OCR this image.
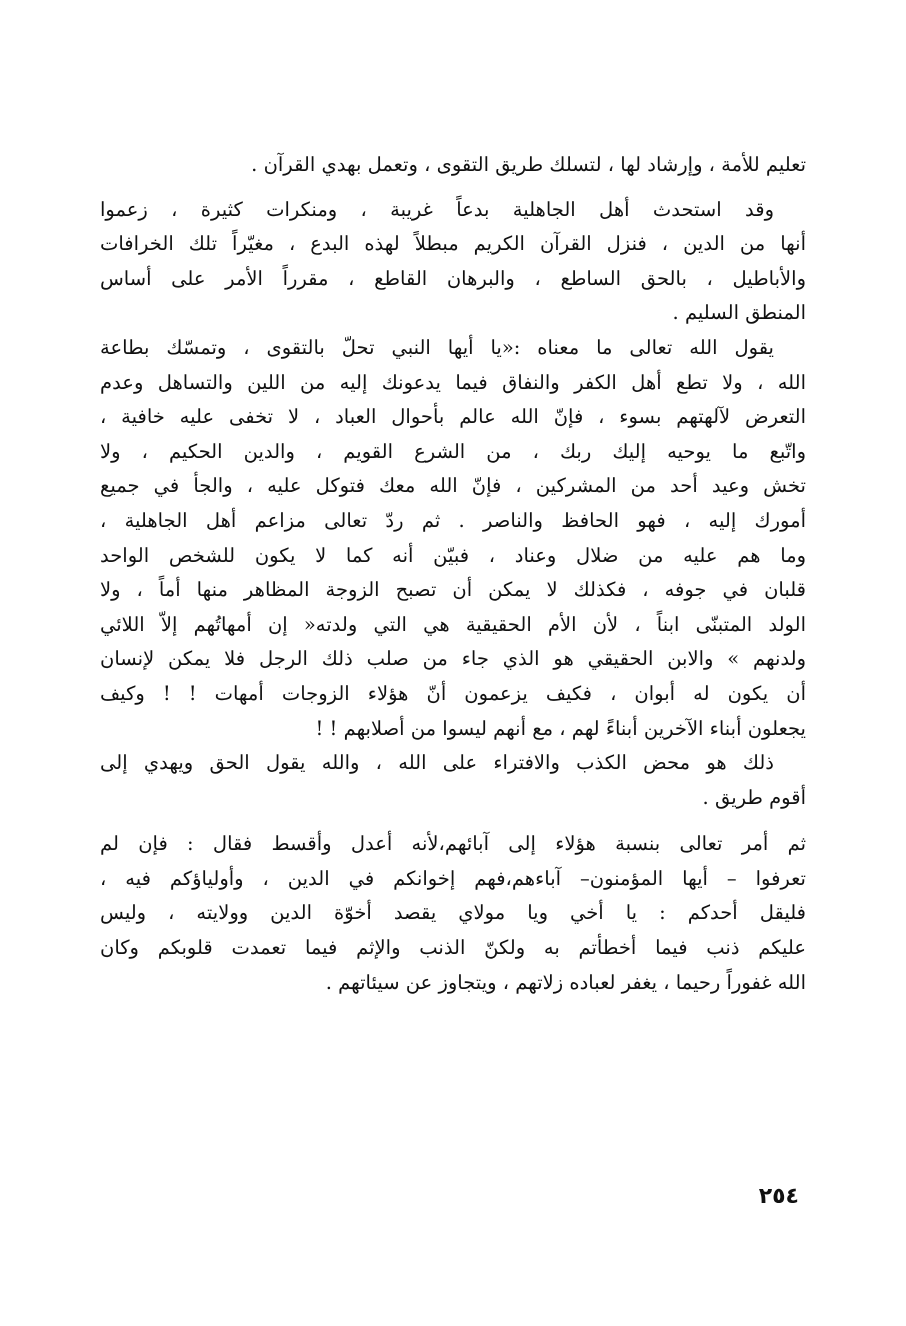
تعليم للأمة ، وإرشاد لها ، لتسلك طريق التقوى ، وتعمل بهدي القرآن .

وقد استحدث أهل الجاهلية بدعاً غريبة ، ومنكرات كثيرة ، زعموا
أنها من الدين ، فنزل القرآن الكريم مبطلاً لهذه البدع ، مغيّراً تلك الخرافات
والأباطيل ، بالحق الساطع ، والبرهان القاطع ، مقرراً الأمر على أساس
المنطق السليم .

يقول الله تعالى ما معناه :«يا أيها النبي تحلّ بالتقوى ، وتمسّك بطاعة
الله ، ولا تطع أهل الكفر والنفاق فيما يدعونك إليه من اللين والتساهل وعدم
التعرض لآلهتهم بسوء ، فإنّ الله عالم بأحوال العباد ، لا تخفى عليه خافية ،
واتّبع ما يوحيه إليك ربك ، من الشرع القويم ، والدين الحكيم ، ولا
تخش وعيد أحد من المشركين ، فإنّ الله معك فتوكل عليه ، والجأ في جميع
أمورك إليه ، فهو الحافظ والناصر . ثم ردّ تعالى مزاعم أهل الجاهلية ،
وما هم عليه من ضلال وعناد ، فبيّن أنه كما لا يكون للشخص الواحد
قلبان في جوفه ، فكذلك لا يمكن أن تصبح الزوجة المظاهر منها أماً ، ولا
الولد المتبنّى ابناً ، لأن الأم الحقيقية هي التي ولدته« إن أمهاتُهم إلاّ اللائي
ولدنهم » والابن الحقيقي هو الذي جاء من صلب ذلك الرجل فلا يمكن لإنسان
أن يكون له أبوان ، فكيف يزعمون أنّ هؤلاء الزوجات أمهات ! ! وكيف
يجعلون أبناء الآخرين أبناءً لهم ، مع أنهم ليسوا من أصلابهم ! !

ذلك هو محض الكذب والافتراء على الله ، والله يقول الحق ويهدي إلى
أقوم طريق .

ثم أمر تعالى بنسبة هؤلاء إلى آبائهم،لأنه أعدل وأقسط فقال : فإن لم
تعرفوا – أيها المؤمنون– آباءهم،فهم إخوانكم في الدين ، وأولياؤكم فيه ،
فليقل أحدكم : يا أخي ويا مولاي يقصد أخوّة الدين وولايته ، وليس
عليكم ذنب فيما أخطأتم به ولكنّ الذنب والإثم فيما تعمدت قلوبكم وكان
الله غفوراً رحيما ، يغفر لعباده زلاتهم ، ويتجاوز عن سيئاتهم .

٢٥٤
